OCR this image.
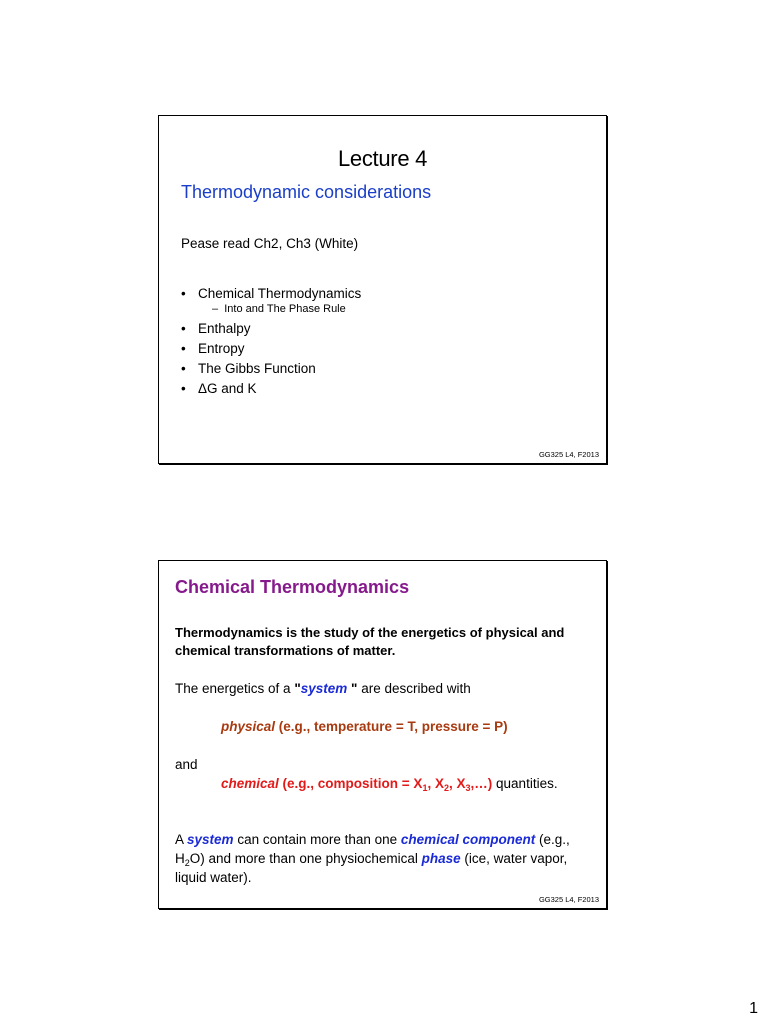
Lecture 4
Thermodynamic considerations
Pease read Ch2, Ch3 (White)
• Chemical Thermodynamics
– Into and The Phase Rule
• Enthalpy
• Entropy
• The Gibbs Function
• ΔG and K
GG325 L4, F2013
Chemical Thermodynamics
Thermodynamics is the study of the energetics of physical and chemical transformations of matter.
The energetics of a "system " are described with
physical (e.g., temperature = T, pressure = P)
and
chemical (e.g., composition = $X_1$, $X_2$, $X_3,\dots$) quantities.
A system can contain more than one chemical component (e.g., $H_2O$) and more than one physiochemical phase (ice, water vapor, liquid water).
GG325 L4, F2013
1
